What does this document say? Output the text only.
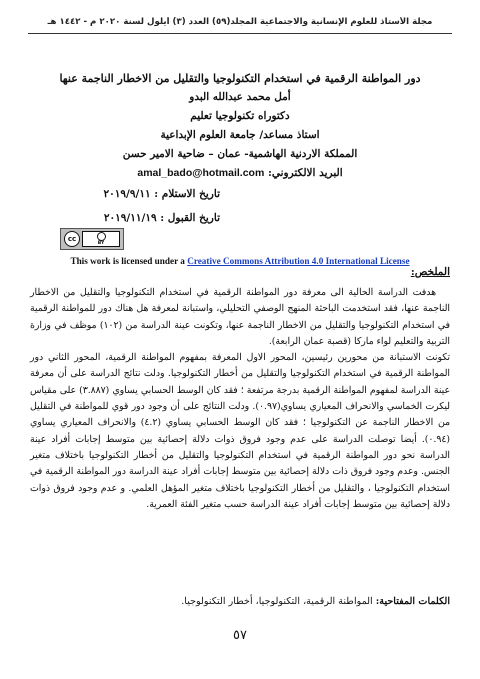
مجلة الأستاذ للعلوم الإنسانية والاجتماعية المجلد(٥٩) العدد (٣) أيلول لسنة ٢٠٢٠ م - ١٤٤٢ هـ

دور المواطنة الرقمية في استخدام التكنولوجيا والتقليل من الاخطار الناجمة عنها

أمل محمد عبدالله البدو
دكتوراه تكنولوجيا تعليم
استاذ مساعد/ جامعة العلوم الإبداعية
المملكة الاردنية الهاشمية- عمان – ضاحية الامير حسن
البريد الالكتروني: amal_bado@hotmail.com
تاريخ الاستلام : ٢٠١٩/٩/١١
تاريخ القبول : ٢٠١٩/١١/١٩
cc
BY
This work is licensed under a Creative Commons Attribution 4.0 International License
الملخص:
هدفت الدراسة الحالية الى معرفة دور المواطنة الرقمية في استخدام التكنولوجيا والتقليل من الاخطار الناجمة عنها، فقد استخدمت الباحثة المنهج الوصفي التحليلي، واستبانة لمعرفة هل هناك دور للمواطنة الرقمية في استخدام التكنولوجيا والتقليل من الاخطار الناجمة عنها، وتكونت عينة الدراسة من (١٠٢) موظف في وزارة التربية والتعليم لواء ماركا (قصبة عمان الرابعة).
تكونت الاستبانة من محورين رئيسين، المحور الاول المعرفة بمفهوم المواطنة الرقمية، المحور الثاني دور المواطنة الرقمية في استخدام التكنولوجيا والتقليل من أخطار التكنولوجيا. ودلت نتائج الدراسة على أن معرفة عينة الدراسة لمفهوم المواطنة الرقمية بدرجة مرتفعة ؛ فقد كان الوسط الحسابي يساوي (٣.٨٨٧) على مقياس ليكرت الخماسي والانحراف المعياري يساوي(٠.٩٧). ودلت النتائج على أن وجود دور قوي للمواطنة في التقليل من الاخطار الناجمة عن التكنولوجيا ؛ فقد كان الوسط الحسابي يساوي (٤.٢) والانحراف المعياري يساوي (٠.٩٤). أيضا توصلت الدراسة على عدم وجود فروق ذوات دلالة إحصائية بين متوسط إجابات أفراد عينة الدراسة نحو دور المواطنة الرقمية في استخدام التكنولوجيا والتقليل من أخطار التكنولوجيا باختلاف متغير الجنس. وعدم وجود فروق ذات دلالة إحصائية بين متوسط إجابات أفراد عينة الدراسة دور المواطنة الرقمية في استخدام التكنولوجيا ، والتقليل من أخطار التكنولوجيا باختلاف متغير المؤهل العلمي. و عدم وجود فروق ذوات دلالة إحصائية بين متوسط إجابات أفراد عينة الدراسة حسب متغير الفئة العمرية.
الكلمات المفتاحية: المواطنة الرقمية، التكنولوجيا، أخطار التكنولوجيا.
٥٧
